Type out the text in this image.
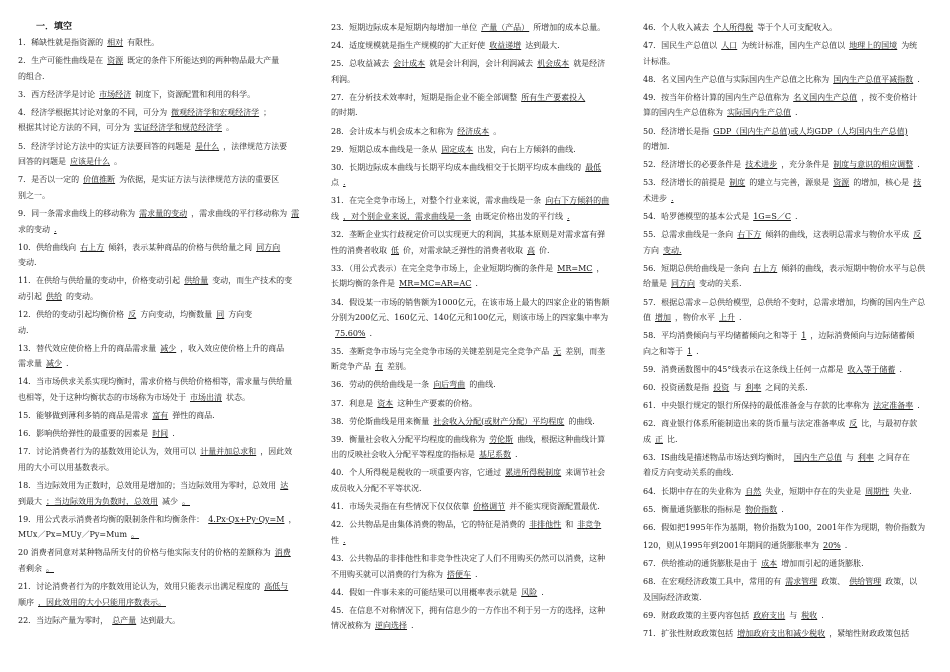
一．填空
1．稀缺性就是指资源的 相对 有限性。
2．生产可能性曲线是在 资源 既定的条件下所能达到的两种物品最大产量
的组合.
3．西方经济学是讨论 市场经济 制度下，资源配置和利用的科学。
4．经济学根据其讨论对象的不同，可分为 微观经济学和宏观经济学 ；
根据其讨论方法的不同，可分为 实证经济学和规范经济学 。
5．经济学讨论方法中的实证方法要回答的问题是 是什么 ，法律规范方法要
回答的问题是 应该是什么 。
7．是否以一定的 价值推断 为依据，是实证方法与法律规范方法的重要区
别之一。
9．同一条需求曲线上的移动称为 需求量的变动 ，需求曲线的平行移动称为 需
求的变动 .
10．供给曲线向 右上方 倾斜，表示某种商品的价格与供给量之间 同方向
变动.
11．在供给与供给量的变动中，价格变动引起 供给量 变动，而生产技术的变
动引起 供给 的变动。
12．供给的变动引起均衡价格 反 方向变动，均衡数量 同 方向变
动.
13．替代效应使价格上升的商品需求量 减少 ，收入效应使价格上升的商品
需求量 减少 .
14．当市场供求关系实现均衡时，需求价格与供给价格相等，需求量与供给量
也相等，处于这种均衡状态的市场称为市场处于 市场出清 状态。
15．能够做到薄利多销的商品是需求 富有 弹性的商品.
16．影响供给弹性的最重要的因素是 时间 .
17．讨论消费者行为的基数效用论认为，效用可以 计量并加总求和 ，因此效
用的大小可以用基数表示。
18．当边际效用为正数时，总效用是增加的；当边际效用为零时，总效用 达
到最大 ；当边际效用为负数时，总效用 减少 。
19．用公式表示消费者均衡的限制条件和均衡条件： 4.Px·Qx+Py·Qy=M ，
MUx／Px=MUy／Py=Mum 。
20 消费者同意对某种物品所支付的价格与他实际支付的价格的差额称为 消费
者剩余 。
21．讨论消费者行为的序数效用论认为，效用只能表示出满足程度的 高低与
顺序 ，因此效用的大小只能用序数表示。
22．当边际产量为零时， 总产量 达到最大。
23．短期边际成本是短期内每增加一单位 产量（产品） 所增加的成本总量。
24．适度规模就是指生产规模的扩大正好使 收益递增 达到最大.
25．总收益减去 会计成本 就是会计利润，会计利润减去 机会成本 就是经济
利润。
27．在分析技术效率时，短期是指企业不能全部调整 所有生产要素投入
的时期.
28．会计成本与机会成本之和称为 经济成本 。
29．短期总成本曲线是一条从 固定成本 出发，向右上方倾斜的曲线.
30．长期边际成本曲线与长期平均成本曲线相交于长期平均成本曲线的 最低
点 .
31．在完全竞争市场上，对整个行业来说，需求曲线是一条 向右下方倾斜的曲
线 ，对个别企业来说，需求曲线是一条 由既定价格出发的平行线 .
32．垄断企业实行歧视定价可以实现更大的利润，其基本原则是对需求富有弹
性的消费者收取 低 价，对需求缺乏弹性的消费者收取 高 价.
33．（用公式表示）在完全竞争市场上，企业短期均衡的条件是 MR=MC ，
长期均衡的条件是 MR=MC=AR=AC .
34．假设某一市场的销售额为1000亿元，在该市场上最大的四家企业的销售额
分别为200亿元、160亿元、140亿元和100亿元，则该市场上的四家集中率为
75.60% .
35．垄断竞争市场与完全竞争市场的关键差别是完全竞争产品 无 差别，而垄
断竞争产品 有 差别。
36．劳动的供给曲线是一条 向后弯曲 的曲线.
37．利息是 资本 这种生产要素的价格。
38．劳伦斯曲线是用来衡量 社会收入分配(或财产分配）平均程度 的曲线.
39．衡量社会收入分配平均程度的曲线称为 劳伦斯 曲线，根据这种曲线计算
出的反映社会收入分配平等程度的指标是 基尼系数 .
40．个人所得税是税收的一项重要内容，它通过 累进所得税制度 来调节社会
成员收入分配不平等状况.
41．市场失灵指在有些情况下仅仅依靠 价格调节 并不能实现资源配置最优.
42．公共物品是由集体消费的物品，它的特征是消费的 非排他性 和 非竞争
性 .
43．公共物品的非排他性和非竞争性决定了人们不用购买仍然可以消费，这种
不用购买就可以消费的行为称为 搭便车 .
44．假如一件事未来的可能结果可以用概率表示就是 风险 .
45．在信息不对称情况下，拥有信息少的一方作出不利于另一方的选择，这种
情况被称为 逆向选择 .
46．个人收入减去 个人所得税 等于个人可支配收入。
47．国民生产总值以 人口 为统计标准，国内生产总值以 地理上的国境 为统
计标准。
48．名义国内生产总值与实际国内生产总值之比称为 国内生产总值平减指数 .
49．按当年价格计算的国内生产总值称为 名义国内生产总值 ，按不变价格计
算的国内生产总值称为 实际国内生产总值 .
50．经济增长是指 GDP（国内生产总值)或人均GDP（人均国内生产总值)
的增加.
52．经济增长的必要条件是 技术进步 ，充分条件是 制度与意识的相应调整 .
53．经济增长的前提是 制度 的建立与完善，源泉是 资源 的增加，核心是 技
术进步 .
54．哈罗德模型的基本公式是 1G=S／C .
55．总需求曲线是一条向 右下方 倾斜的曲线，这表明总需求与物价水平成 反
方向 变动.
56．短期总供给曲线是一条向 右上方 倾斜的曲线，表示短期中物价水平与总供
给量是 同方向 变动的关系.
57．根据总需求－总供给模型，总供给不变时，总需求增加，均衡的国内生产总
值 增加 ，物价水平 上升 .
58．平均消费倾向与平均储蓄倾向之和等于 1 ，边际消费倾向与边际储蓄倾
向之和等于 1 .
59．消费函数图中的45°线表示在这条线上任何一点都是 收入等于储蓄 .
60．投资函数是指 投资 与 利率 之间的关系.
61．中央银行规定的银行所保持的最低准备金与存款的比率称为 法定准备率 .
62．商业银行体系所能制造出来的货币量与法定准备率成 反 比，与最初存款
成 正 比.
63．IS曲线是描述物品市场达到均衡时， 国内生产总值 与 利率 之间存在
着反方向变动关系的曲线.
64．长期中存在的失业称为 自然 失业，短期中存在的失业是 周期性 失业.
65．衡量通货膨胀的指标是 物价指数 .
66．假如把1995年作为基期，物价指数为100，2001年作为现期，物价指数为
120，则从1995年到2001年期间的通货膨胀率为 20% .
67．供给推动的通货膨胀是由于 成本 增加而引起的通货膨胀.
68．在宏观经济政策工具中，常用的有 需求管理 政策、 供给管理 政策，以
及国际经济政策.
69．财政政策的主要内容包括 政府支出 与 税收 .
71．扩张性财政政策包括 增加政府支出和减少税收 ，紧缩性财政政策包括
